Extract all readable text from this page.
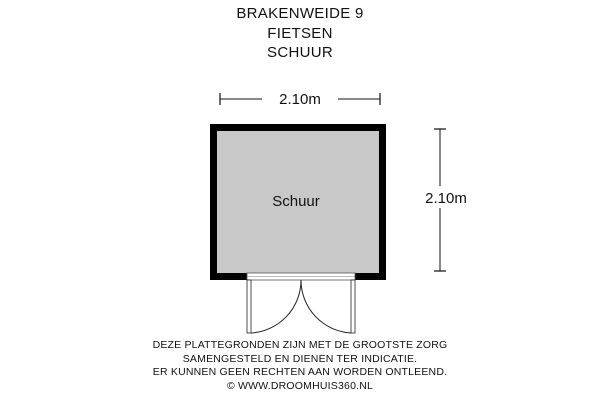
BRAKENWEIDE 9
FIETSEN
SCHUUR
2.10m
2.10m
Schuur
DEZE PLATTEGRONDEN ZIJN MET DE GROOTSTE ZORG
SAMENGESTELD EN DIENEN TER INDICATIE.
ER KUNNEN GEEN RECHTEN AAN WORDEN ONTLEEND.
© WWW.DROOMHUIS360.NL
